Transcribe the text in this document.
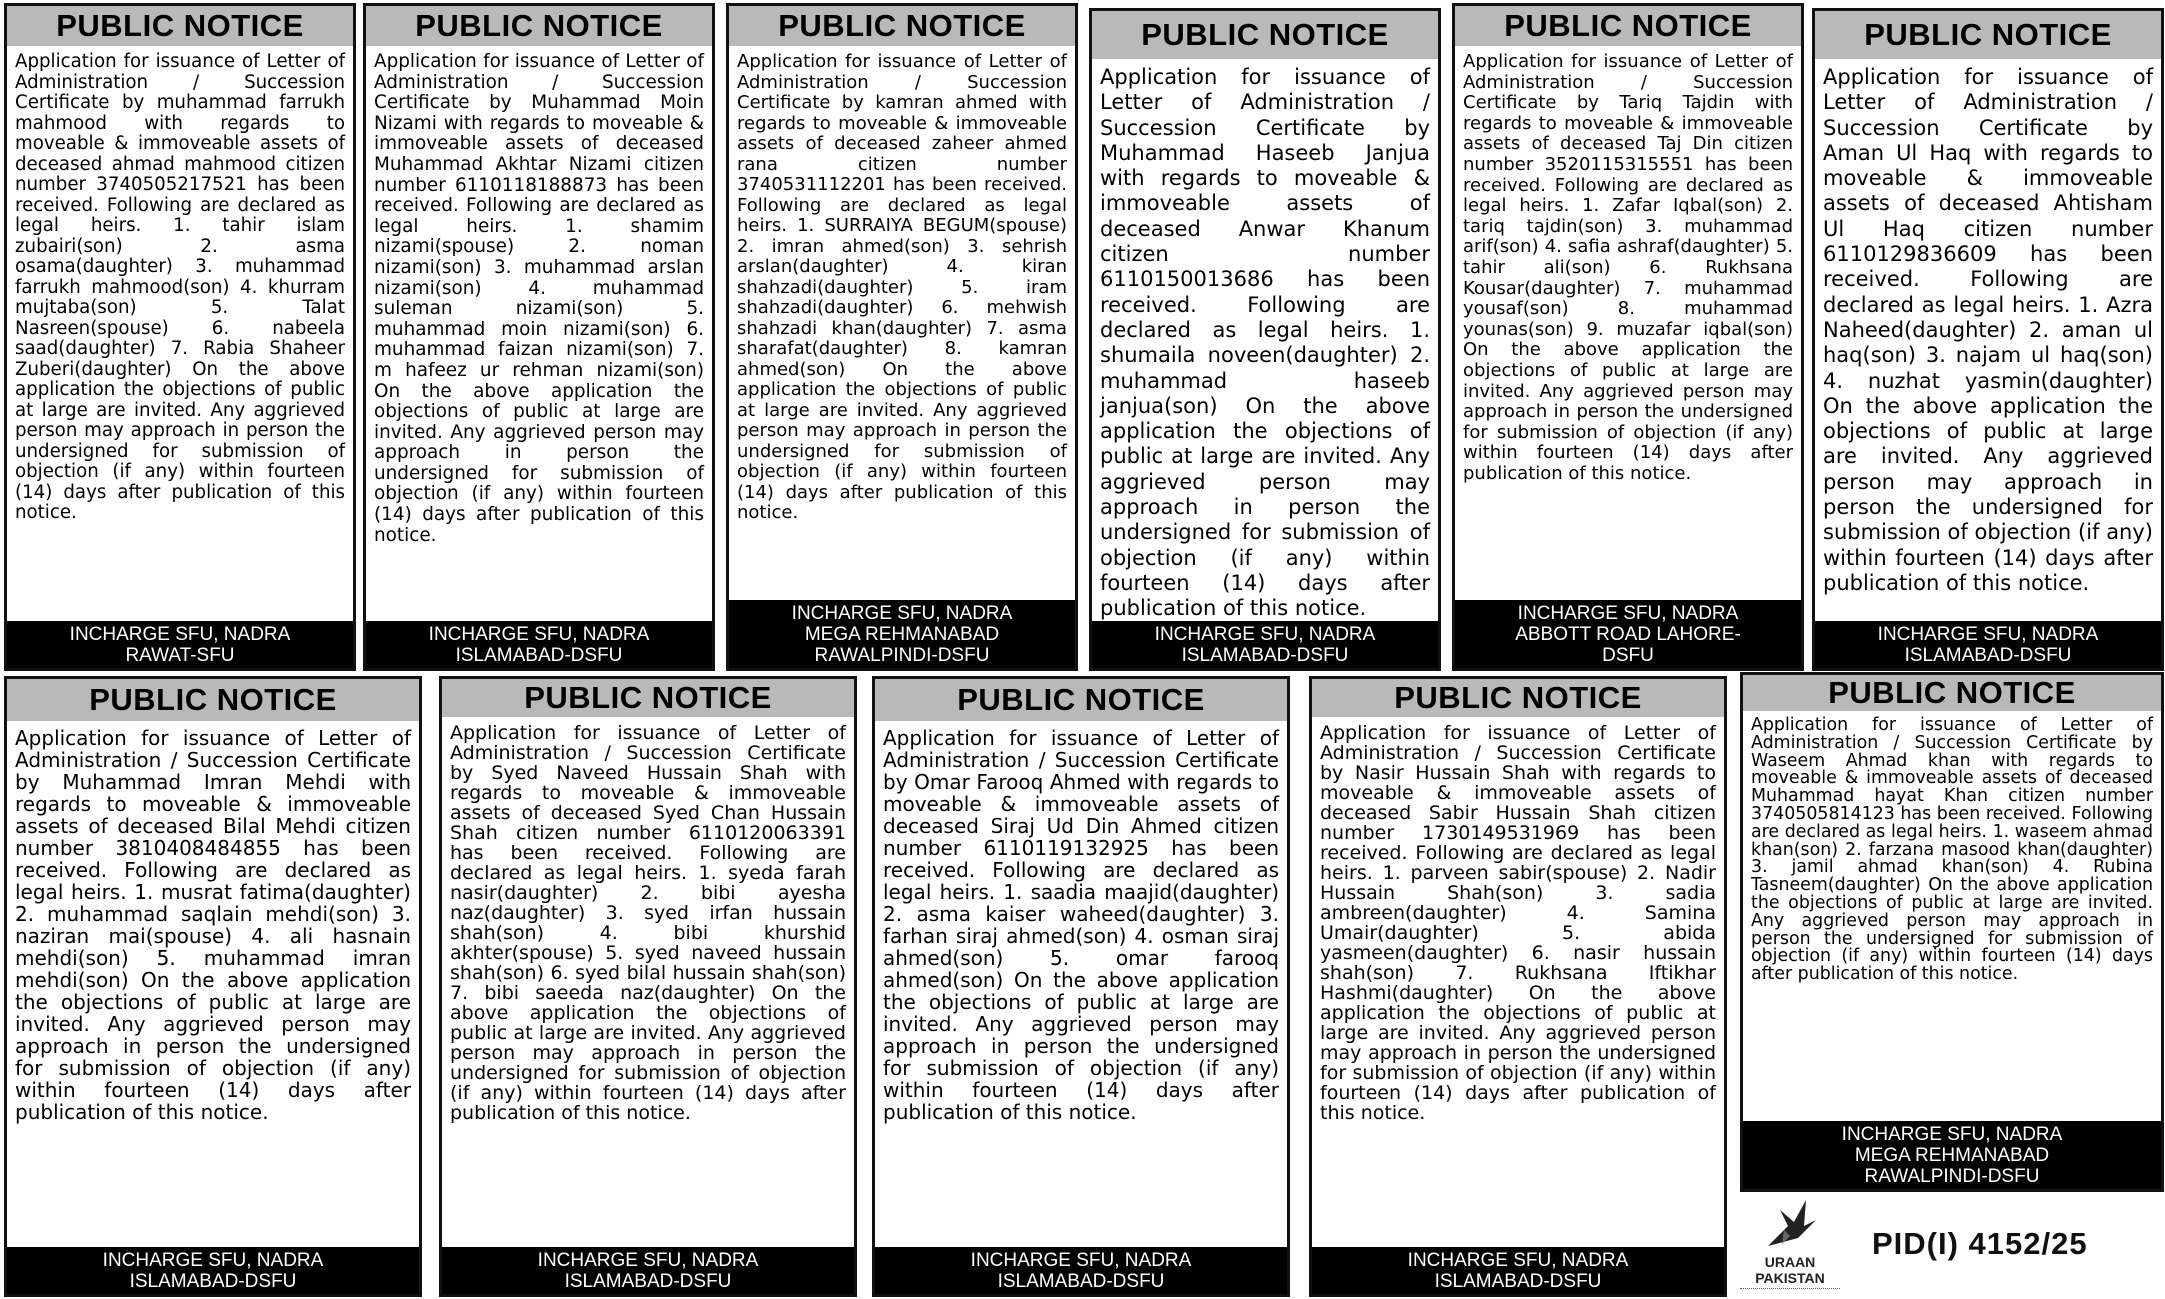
PUBLIC NOTICE
Application for issuance of Letter of Administration / Succession Certificate by muhammad farrukh mahmood with regards to moveable & immoveable assets of deceased ahmad mahmood citizen number 3740505217521 has been received. Following are declared as legal heirs. 1. tahir islam zubairi(son) 2. asma osama(daughter) 3. muhammad farrukh mahmood(son) 4. khurram mujtaba(son) 5. Talat Nasreen(spouse) 6. nabeela saad(daughter) 7. Rabia Shaheer Zuberi(daughter) On the above application the objections of public at large are invited. Any aggrieved person may approach in person the undersigned for submission of objection (if any) within fourteen (14) days after publication of this notice.
INCHARGE SFU, NADRA
RAWAT-SFU
PUBLIC NOTICE
Application for issuance of Letter of Administration / Succession Certificate by Muhammad Moin Nizami with regards to moveable & immoveable assets of deceased Muhammad Akhtar Nizami citizen number 6110118188873 has been received. Following are declared as legal heirs. 1. shamim nizami(spouse) 2. noman nizami(son) 3. muhammad arslan nizami(son) 4. muhammad suleman nizami(son) 5. muhammad moin nizami(son) 6. muhammad faizan nizami(son) 7. m hafeez ur rehman nizami(son) On the above application the objections of public at large are invited. Any aggrieved person may approach in person the undersigned for submission of objection (if any) within fourteen (14) days after publication of this notice.
INCHARGE SFU, NADRA
ISLAMABAD-DSFU
PUBLIC NOTICE
Application for issuance of Letter of Administration / Succession Certificate by kamran ahmed with regards to moveable & immoveable assets of deceased zaheer ahmed rana citizen number 3740531112201 has been received. Following are declared as legal heirs. 1. SURRAIYA BEGUM(spouse) 2. imran ahmed(son) 3. sehrish arslan(daughter) 4. kiran shahzadi(daughter) 5. iram shahzadi(daughter) 6. mehwish shahzadi khan(daughter) 7. asma sharafat(daughter) 8. kamran ahmed(son) On the above application the objections of public at large are invited. Any aggrieved person may approach in person the undersigned for submission of objection (if any) within fourteen (14) days after publication of this notice.
INCHARGE SFU, NADRA
MEGA REHMANABAD
RAWALPINDI-DSFU
PUBLIC NOTICE
Application for issuance of Letter of Administration / Succession Certificate by Muhammad Haseeb Janjua with regards to moveable & immoveable assets of deceased Anwar Khanum citizen number 6110150013686 has been received. Following are declared as legal heirs. 1. shumaila noveen(daughter) 2. muhammad haseeb janjua(son) On the above application the objections of public at large are invited. Any aggrieved person may approach in person the undersigned for submission of objection (if any) within fourteen (14) days after publication of this notice.
INCHARGE SFU, NADRA
ISLAMABAD-DSFU
PUBLIC NOTICE
Application for issuance of Letter of Administration / Succession Certificate by Tariq Tajdin with regards to moveable & immoveable assets of deceased Taj Din citizen number 3520115315551 has been received. Following are declared as legal heirs. 1. Zafar Iqbal(son) 2. tariq tajdin(son) 3. muhammad arif(son) 4. safia ashraf(daughter) 5. tahir ali(son) 6. Rukhsana Kousar(daughter) 7. muhammad yousaf(son) 8. muhammad younas(son) 9. muzafar iqbal(son) On the above application the objections of public at large are invited. Any aggrieved person may approach in person the undersigned for submission of objection (if any) within fourteen (14) days after publication of this notice.
INCHARGE SFU, NADRA
ABBOTT ROAD LAHORE-
DSFU
PUBLIC NOTICE
Application for issuance of Letter of Administration / Succession Certificate by Aman Ul Haq with regards to moveable & immoveable assets of deceased Ahtisham Ul Haq citizen number 6110129836609 has been received. Following are declared as legal heirs. 1. Azra Naheed(daughter) 2. aman ul haq(son) 3. najam ul haq(son) 4. nuzhat yasmin(daughter) On the above application the objections of public at large are invited. Any aggrieved person may approach in person the undersigned for submission of objection (if any) within fourteen (14) days after publication of this notice.
INCHARGE SFU, NADRA
ISLAMABAD-DSFU
PUBLIC NOTICE
Application for issuance of Letter of Administration / Succession Certificate by Muhammad Imran Mehdi with regards to moveable & immoveable assets of deceased Bilal Mehdi citizen number 3810408484855 has been received. Following are declared as legal heirs. 1. musrat fatima(daughter) 2. muhammad saqlain mehdi(son) 3. naziran mai(spouse) 4. ali hasnain mehdi(son) 5. muhammad imran mehdi(son) On the above application the objections of public at large are invited. Any aggrieved person may approach in person the undersigned for submission of objection (if any) within fourteen (14) days after publication of this notice.
INCHARGE SFU, NADRA
ISLAMABAD-DSFU
PUBLIC NOTICE
Application for issuance of Letter of Administration / Succession Certificate by Syed Naveed Hussain Shah with regards to moveable & immoveable assets of deceased Syed Chan Hussain Shah citizen number 6110120063391 has been received. Following are declared as legal heirs. 1. syeda farah nasir(daughter) 2. bibi ayesha naz(daughter) 3. syed irfan hussain shah(son) 4. bibi khurshid akhter(spouse) 5. syed naveed hussain shah(son) 6. syed bilal hussain shah(son) 7. bibi saeeda naz(daughter) On the above application the objections of public at large are invited. Any aggrieved person may approach in person the undersigned for submission of objection (if any) within fourteen (14) days after publication of this notice.
INCHARGE SFU, NADRA
ISLAMABAD-DSFU
PUBLIC NOTICE
Application for issuance of Letter of Administration / Succession Certificate by Omar Farooq Ahmed with regards to moveable & immoveable assets of deceased Siraj Ud Din Ahmed citizen number 6110119132925 has been received. Following are declared as legal heirs. 1. saadia maajid(daughter) 2. asma kaiser waheed(daughter) 3. farhan siraj ahmed(son) 4. osman siraj ahmed(son) 5. omar farooq ahmed(son) On the above application the objections of public at large are invited. Any aggrieved person may approach in person the undersigned for submission of objection (if any) within fourteen (14) days after publication of this notice.
INCHARGE SFU, NADRA
ISLAMABAD-DSFU
PUBLIC NOTICE
Application for issuance of Letter of Administration / Succession Certificate by Nasir Hussain Shah with regards to moveable & immoveable assets of deceased Sabir Hussain Shah citizen number 1730149531969 has been received. Following are declared as legal heirs. 1. parveen sabir(spouse) 2. Nadir Hussain Shah(son) 3. sadia ambreen(daughter) 4. Samina Umair(daughter) 5. abida yasmeen(daughter) 6. nasir hussain shah(son) 7. Rukhsana Iftikhar Hashmi(daughter) On the above application the objections of public at large are invited. Any aggrieved person may approach in person the undersigned for submission of objection (if any) within fourteen (14) days after publication of this notice.
INCHARGE SFU, NADRA
ISLAMABAD-DSFU
PUBLIC NOTICE
Application for issuance of Letter of Administration / Succession Certificate by Waseem Ahmad khan with regards to moveable & immoveable assets of deceased Muhammad hayat Khan citizen number 3740505814123 has been received. Following are declared as legal heirs. 1. waseem ahmad khan(son) 2. farzana masood khan(daughter) 3. jamil ahmad khan(son) 4. Rubina Tasneem(daughter) On the above application the objections of public at large are invited. Any aggrieved person may approach in person the undersigned for submission of objection (if any) within fourteen (14) days after publication of this notice.
INCHARGE SFU, NADRA
MEGA REHMANABAD
RAWALPINDI-DSFU
URAAN
PAKISTAN
PID(I) 4152/25
